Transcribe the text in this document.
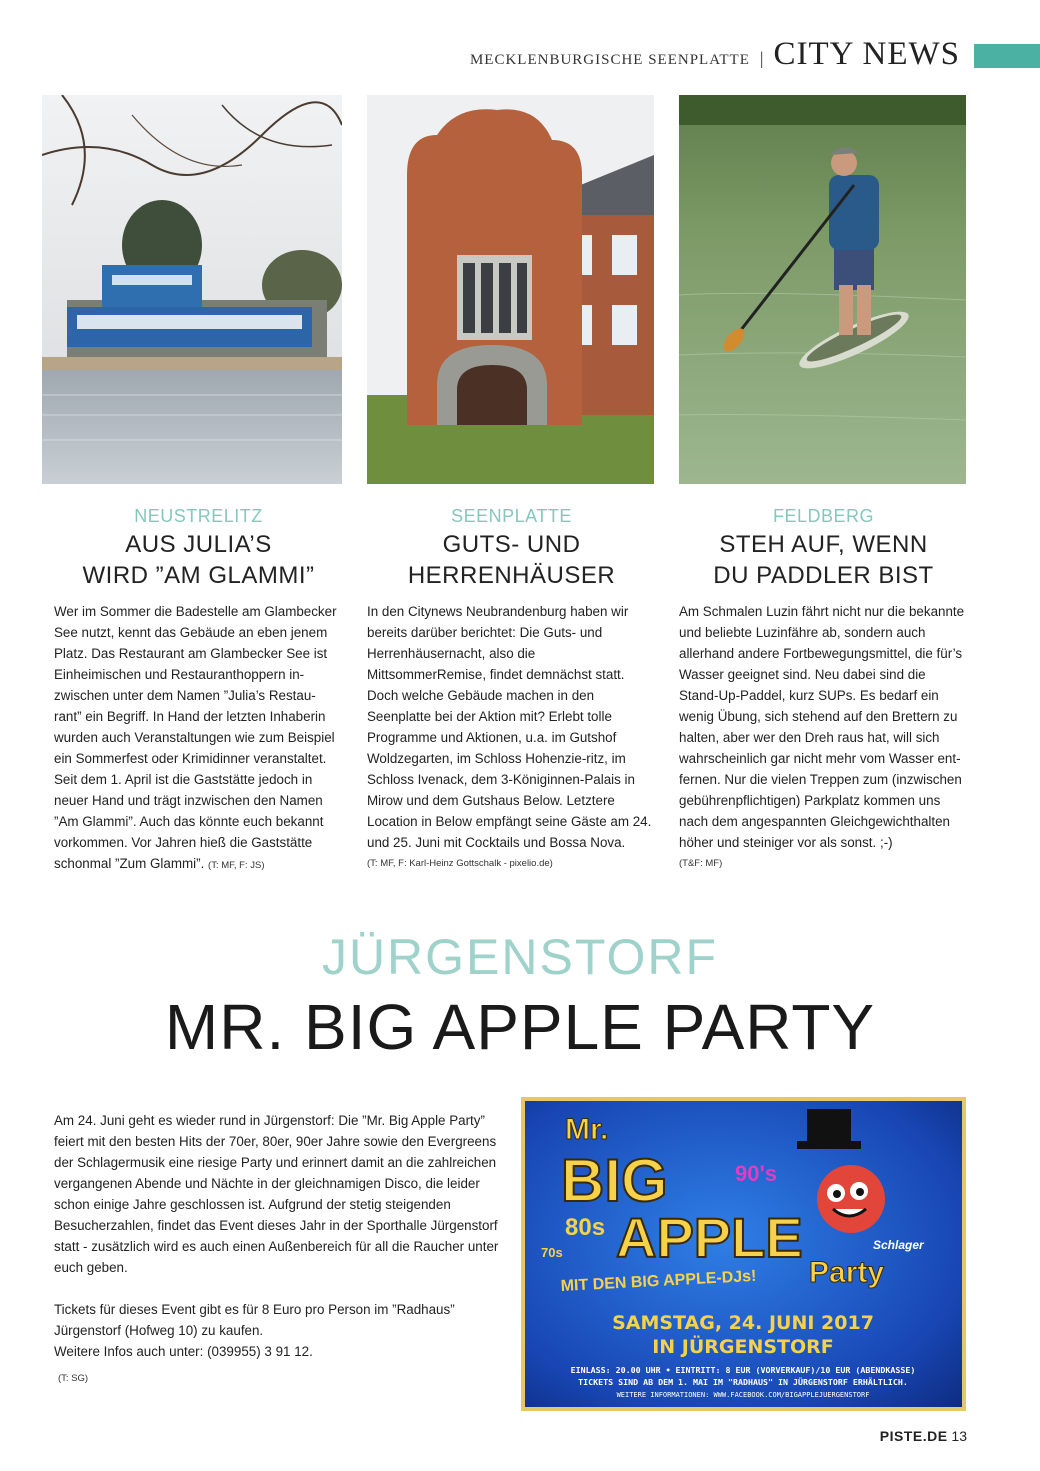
MECKLENBURGISCHE SEENPLATTE | CITY NEWS
NEUSTRELITZ
AUS JULIA’S
WIRD ”AM GLAMMI”
Wer im Sommer die Badestelle am Glambecker See nutzt, kennt das Gebäude an eben jenem Platz. Das Restaurant am Glambecker See ist Einheimischen und Restauranthoppern in-zwischen unter dem Namen ”Julia’s Restau-rant” ein Begriff. In Hand der letzten Inhaberin wurden auch Veranstaltungen wie zum Beispiel ein Sommerfest oder Krimidinner veranstaltet. Seit dem 1. April ist die Gaststätte jedoch in neuer Hand und trägt inzwischen den Namen ”Am Glammi”. Auch das könnte euch bekannt vorkommen. Vor Jahren hieß die Gaststätte schonmal ”Zum Glammi”. (T: MF, F: JS)
SEENPLATTE
GUTS- UND
HERRENHÄUSER
In den Citynews Neubrandenburg haben wir bereits darüber berichtet: Die Guts- und Herrenhäusernacht, also die MittsommerRemise, findet demnächst statt. Doch welche Gebäude machen in den Seenplatte bei der Aktion mit? Erlebt tolle Programme und Aktionen, u.a. im Gutshof Woldzegarten, im Schloss Hohenzie-ritz, im Schloss Ivenack, dem 3-Königinnen-Palais in Mirow und dem Gutshaus Below. Letztere Location in Below empfängt seine Gäste am 24. und 25. Juni mit Cocktails und Bossa Nova.
(T: MF, F: Karl-Heinz Gottschalk - pixelio.de)
FELDBERG
STEH AUF, WENN
DU PADDLER BIST
Am Schmalen Luzin fährt nicht nur die bekannte und beliebte Luzinfähre ab, sondern auch allerhand andere Fortbewegungsmittel, die für’s Wasser geeignet sind. Neu dabei sind die Stand-Up-Paddel, kurz SUPs. Es bedarf ein wenig Übung, sich stehend auf den Brettern zu halten, aber wer den Dreh raus hat, will sich wahrscheinlich gar nicht mehr vom Wasser ent-fernen. Nur die vielen Treppen zum (inzwischen gebührenpflichtigen) Parkplatz kommen uns nach dem angespannten Gleichgewichthalten höher und steiniger vor als sonst. ;-)
(T&F: MF)
JÜRGENSTORF
MR. BIG APPLE PARTY

Am 24. Juni geht es wieder rund in Jürgenstorf: Die ”Mr. Big Apple Party” feiert mit den besten Hits der 70er, 80er, 90er Jahre sowie den Evergreens der Schlagermusik eine riesige Party und erinnert damit an die zahlreichen vergangenen Abende und Nächte in der gleichnamigen Disco, die leider schon einige Jahre geschlossen ist. Aufgrund der stetig steigenden Besucherzahlen, findet das Event dieses Jahr in der Sporthalle Jürgenstorf statt - zusätzlich wird es auch einen Außenbereich für all die Raucher unter euch geben.

Tickets für dieses Event gibt es für 8 Euro pro Person im ”Radhaus” Jürgenstorf (Hofweg 10) zu kaufen.
Weitere Infos auch unter: (039955) 3 91 12.
(T: SG)
Mr.
BIG
APPLE
90's
80s
70s	Schlager
Party
MIT DEN BIG APPLE-DJs!
SAMSTAG, 24. JUNI 2017
IN JÜRGENSTORF
EINLASS: 20.00 UHR • EINTRITT: 8 EUR (VORVERKAUF)/10 EUR (ABENDKASSE)
TICKETS SIND AB DEM 1. MAI IM "RADHAUS" IN JÜRGENSTORF ERHÄLTLICH.
WEITERE INFORMATIONEN: WWW.FACEBOOK.COM/BIGAPPLEJUERGENSTORF
PISTE.DE 13
